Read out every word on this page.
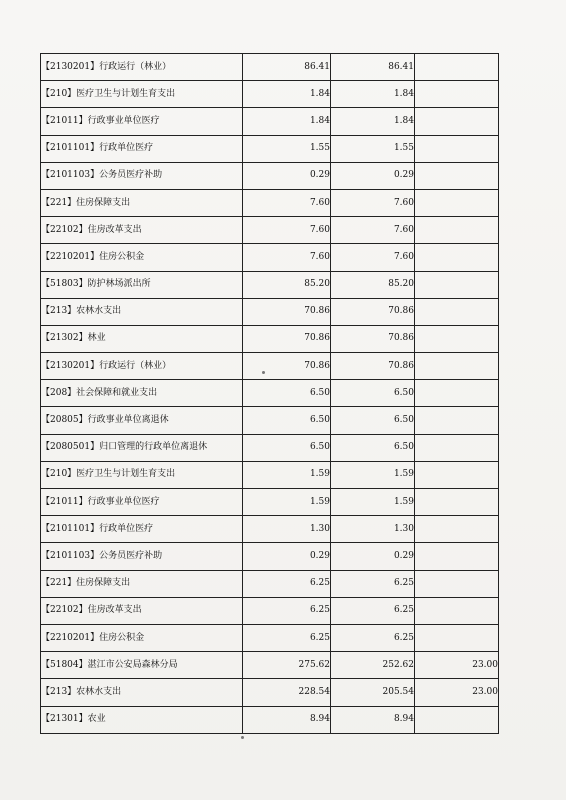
【2130201】行政运行（林业）	86.41	86.41	
【210】医疗卫生与计划生育支出	1.84	1.84	
【21011】行政事业单位医疗	1.84	1.84	
【2101101】行政单位医疗	1.55	1.55	
【2101103】公务员医疗补助	0.29	0.29	
【221】住房保障支出	7.60	7.60	
【22102】住房改革支出	7.60	7.60	
【2210201】住房公积金	7.60	7.60	
【51803】防护林场派出所	85.20	85.20	
【213】农林水支出	70.86	70.86	
【21302】林业	70.86	70.86	
【2130201】行政运行（林业）	70.86	70.86	
【208】社会保障和就业支出	6.50	6.50	
【20805】行政事业单位离退休	6.50	6.50	
【2080501】归口管理的行政单位离退休	6.50	6.50	
【210】医疗卫生与计划生育支出	1.59	1.59	
【21011】行政事业单位医疗	1.59	1.59	
【2101101】行政单位医疗	1.30	1.30	
【2101103】公务员医疗补助	0.29	0.29	
【221】住房保障支出	6.25	6.25	
【22102】住房改革支出	6.25	6.25	
【2210201】住房公积金	6.25	6.25	
【51804】湛江市公安局森林分局	275.62	252.62	23.00
【213】农林水支出	228.54	205.54	23.00
【21301】农业	8.94	8.94	
